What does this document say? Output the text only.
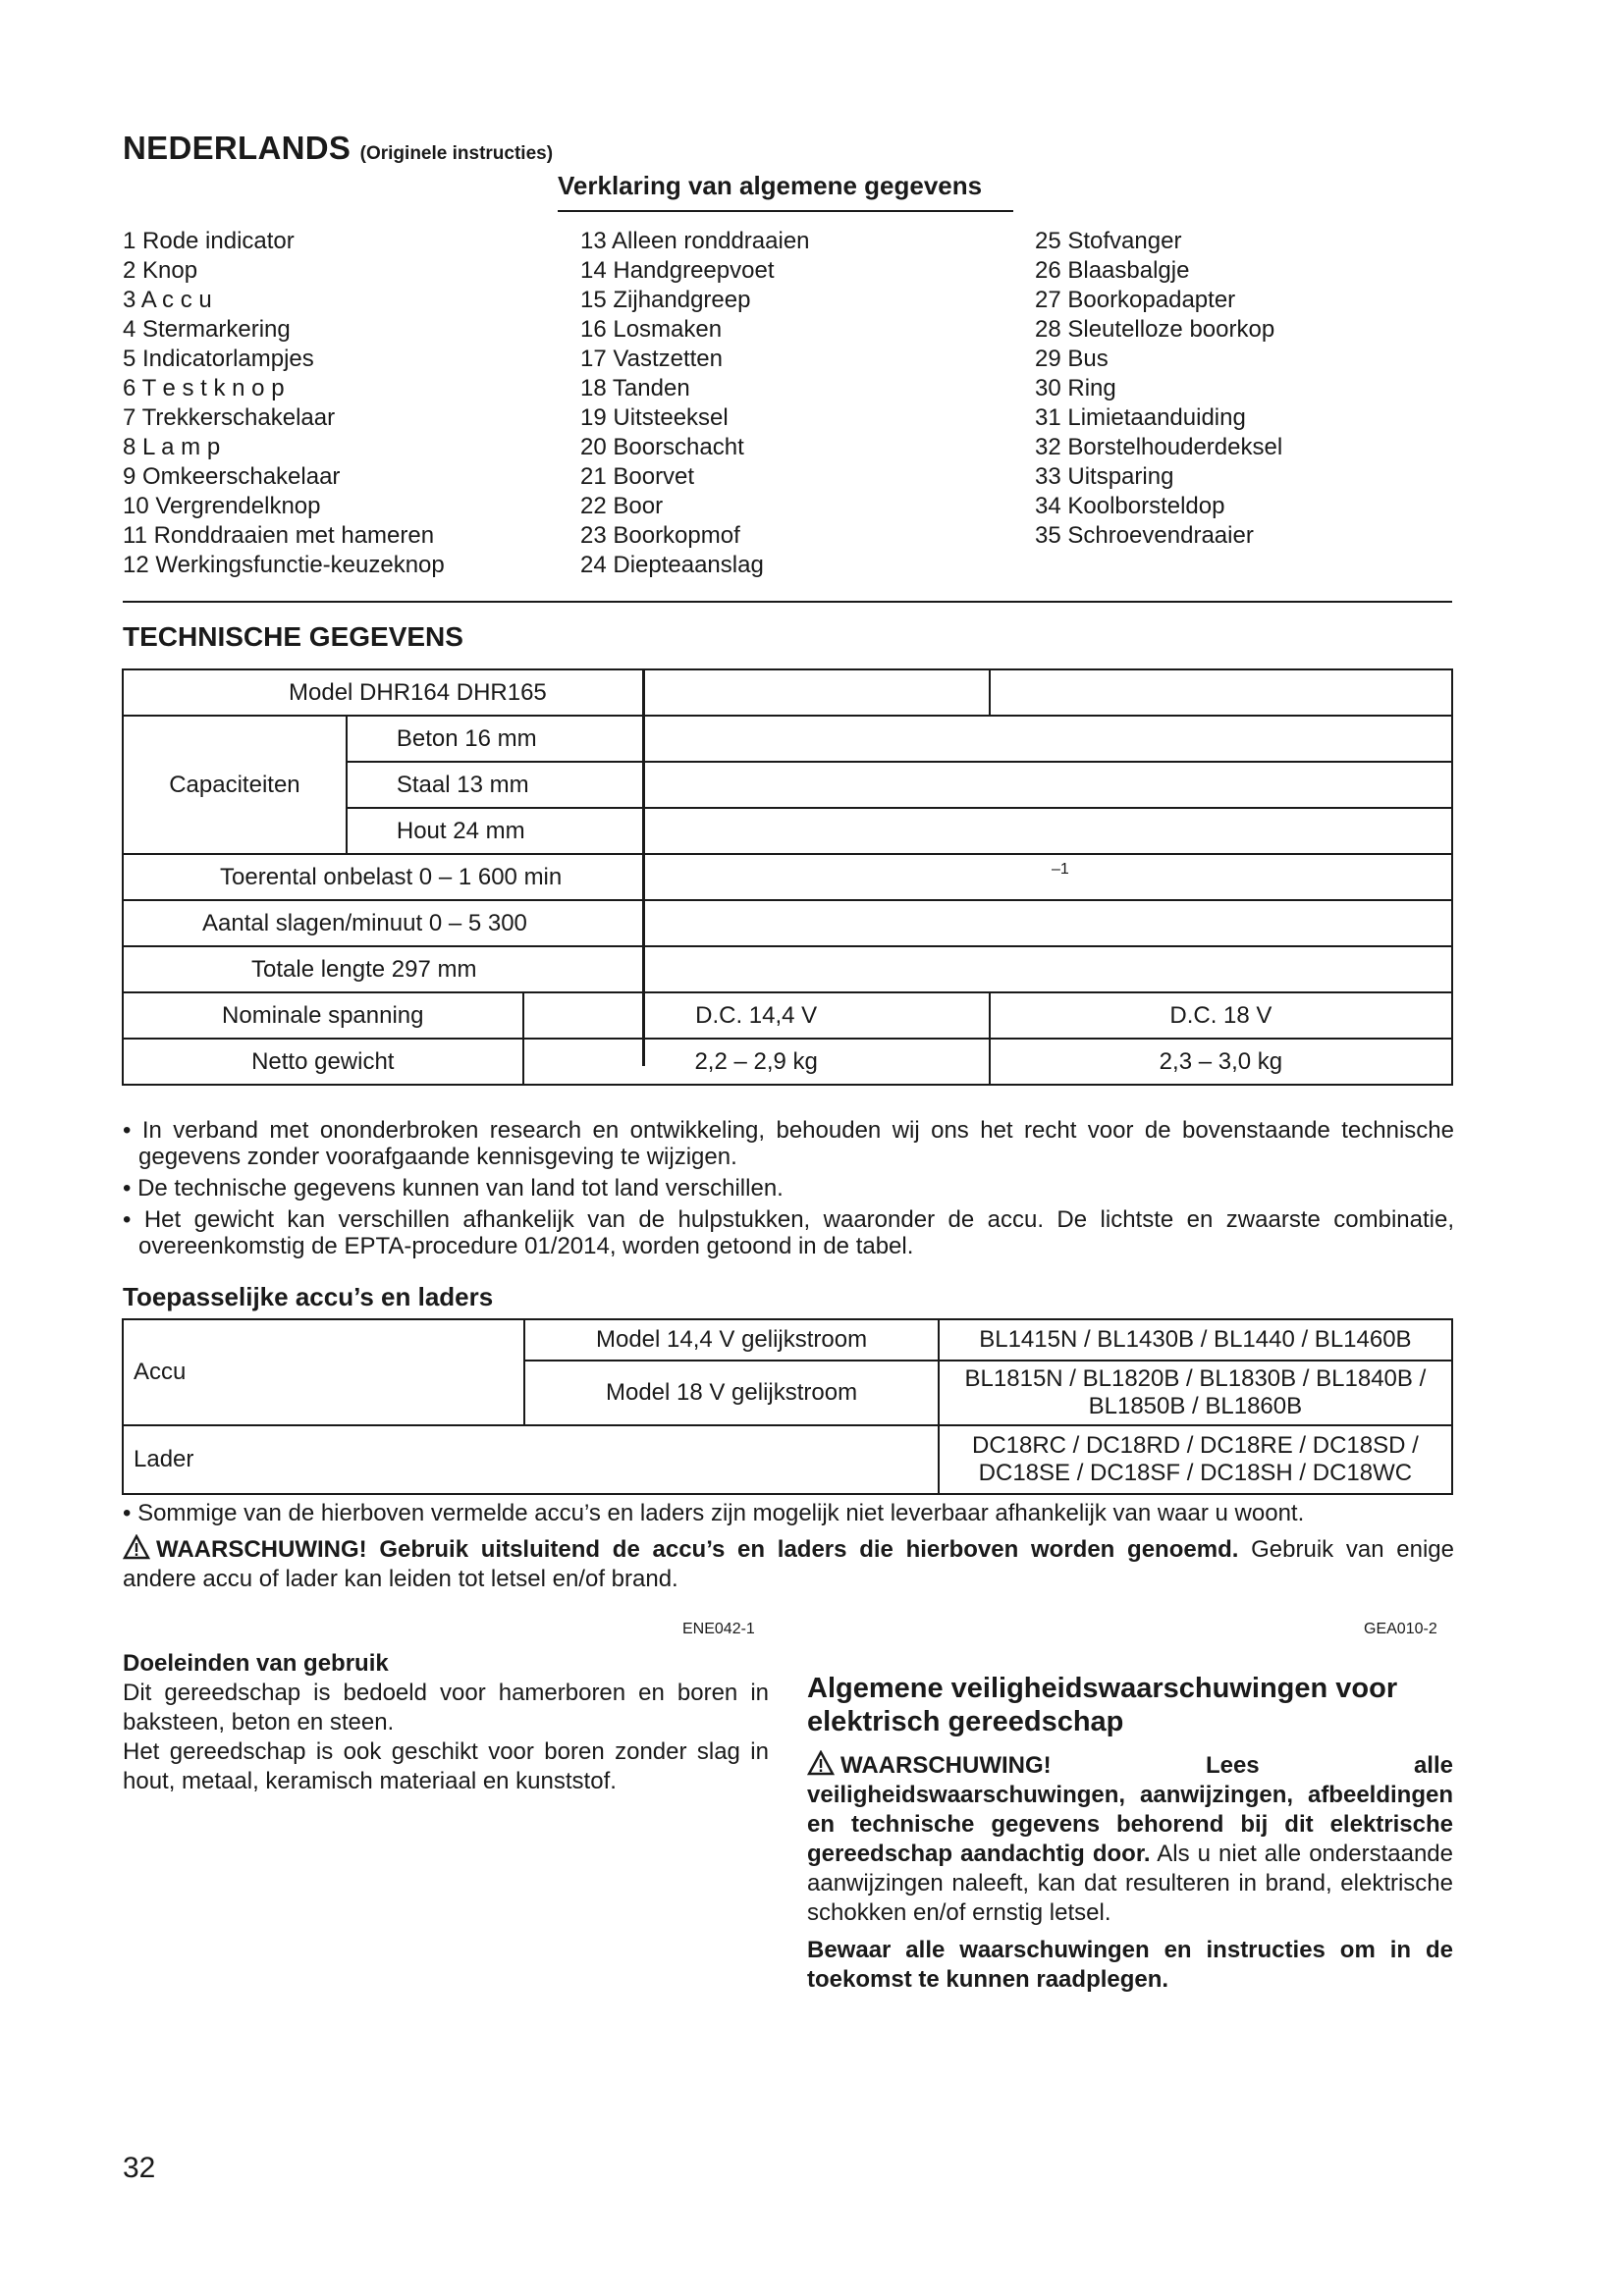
NEDERLANDS (Originele instructies)
Verklaring van algemene gegevens
1 Rode indicator
2 Knop
3 A c c u
4 Stermarkering
5 Indicatorlampjes
6 T e s t k n o p
7 Trekkerschakelaar
8 L a m p
9 Omkeerschakelaar
10 Vergrendelknop
11 Ronddraaien met hameren
12 Werkingsfunctie-keuzeknop
13 Alleen ronddraaien
14 Handgreepvoet
15 Zijhandgreep
16 Losmaken
17 Vastzetten
18 Tanden
19 Uitsteeksel
20 Boorschacht
21 Boorvet
22 Boor
23 Boorkopmof
24 Diepteaanslag
25 Stofvanger
26 Blaasbalgje
27 Boorkopadapter
28 Sleutelloze boorkop
29 Bus
30 Ring
31 Limietaanduiding
32 Borstelhouderdeksel
33 Uitsparing
34 Koolborsteldop
35 Schroevendraaier
TECHNISCHE GEGEVENS
Model DHR164 DHR165			
Capaciteiten	Beton 16 mm		
	Staal 13 mm		
	Hout 24 mm		
Toerental onbelast 0 – 1 600 min –1			

Aantal slagen/minuut 0 – 5 300			
Totale lengte 297 mm			
Nominale spanning		D.C. 14,4 V	D.C. 18 V
Netto gewicht		2,2 – 2,9 kg	2,3 – 3,0 kg

• In verband met ononderbroken research en ontwikkeling, behouden wij ons het recht voor de bovenstaande technische gegevens zonder voorafgaande kennisgeving te wijzigen.

• De technische gegevens kunnen van land tot land verschillen.

• Het gewicht kan verschillen afhankelijk van de hulpstukken, waaronder de accu. De lichtste en zwaarste combinatie, overeenkomstig de EPTA-procedure 01/2014, worden getoond in de tabel.

Toepasselijke accu’s en laders
Accu	Model 14,4 V gelijkstroom	BL1415N / BL1430B / BL1440 / BL1460B
	Model 18 V gelijkstroom	BL1815N / BL1820B / BL1830B / BL1840B / BL1850B / BL1860B
Lader		DC18RC / DC18RD / DC18RE / DC18SD / DC18SE / DC18SF / DC18SH / DC18WC
• Sommige van de hierboven vermelde accu’s en laders zijn mogelijk niet leverbaar afhankelijk van waar u woont.
WAARSCHUWING! Gebruik uitsluitend de accu’s en laders die hierboven worden genoemd. Gebruik van enige andere accu of lader kan leiden tot letsel en/of brand.
ENE042-1	GEA010-2
Doeleinden van gebruik
Dit gereedschap is bedoeld voor hamerboren en boren in baksteen, beton en steen.
Het gereedschap is ook geschikt voor boren zonder slag in hout, metaal, keramisch materiaal en kunststof.
Algemene veiligheidswaarschuwingen voor elektrisch gereedschap
WAARSCHUWING! Lees alle veiligheidswaarschuwingen, aanwijzingen, afbeeldingen en technische gegevens behorend bij dit elektrische gereedschap aandachtig door. Als u niet alle onderstaande aanwijzingen naleeft, kan dat resulteren in brand, elektrische schokken en/of ernstig letsel.
Bewaar alle waarschuwingen en instructies om in de toekomst te kunnen raadplegen.
32
